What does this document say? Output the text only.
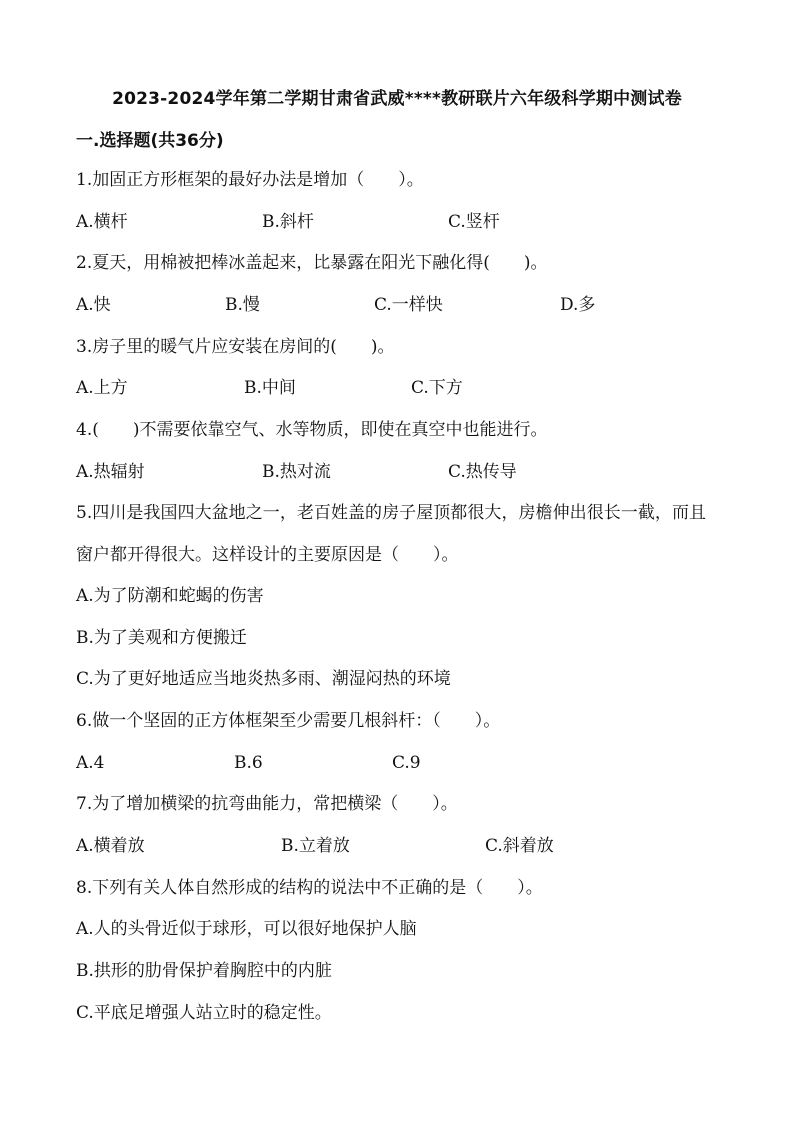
2023-2024学年第二学期甘肃省武威****教研联片六年级科学期中测试卷
一.选择题(共36分)
1.加固正方形框架的最好办法是增加（　　）。
A.横杆	B.斜杆	C.竖杆
2.夏天，用棉被把棒冰盖起来，比暴露在阳光下融化得(　　)。
A.快	B.慢	C.一样快	D.多
3.房子里的暖气片应安装在房间的(　　)。
A.上方	B.中间	C.下方
4.(　　)不需要依靠空气、水等物质，即使在真空中也能进行。
A.热辐射	B.热对流	C.热传导
5.四川是我国四大盆地之一，老百姓盖的房子屋顶都很大，房檐伸出很长一截，而且窗户都开得很大。这样设计的主要原因是（　　）。
A.为了防潮和蛇蝎的伤害
B.为了美观和方便搬迁
C.为了更好地适应当地炎热多雨、潮湿闷热的环境
6.做一个坚固的正方体框架至少需要几根斜杆：（　　）。
A.4	B.6	C.9
7.为了增加横梁的抗弯曲能力，常把横梁（　　）。
A.横着放	B.立着放	C.斜着放
8.下列有关人体自然形成的结构的说法中不正确的是（　　）。
A.人的头骨近似于球形，可以很好地保护人脑
B.拱形的肋骨保护着胸腔中的内脏
C.平底足增强人站立时的稳定性。
